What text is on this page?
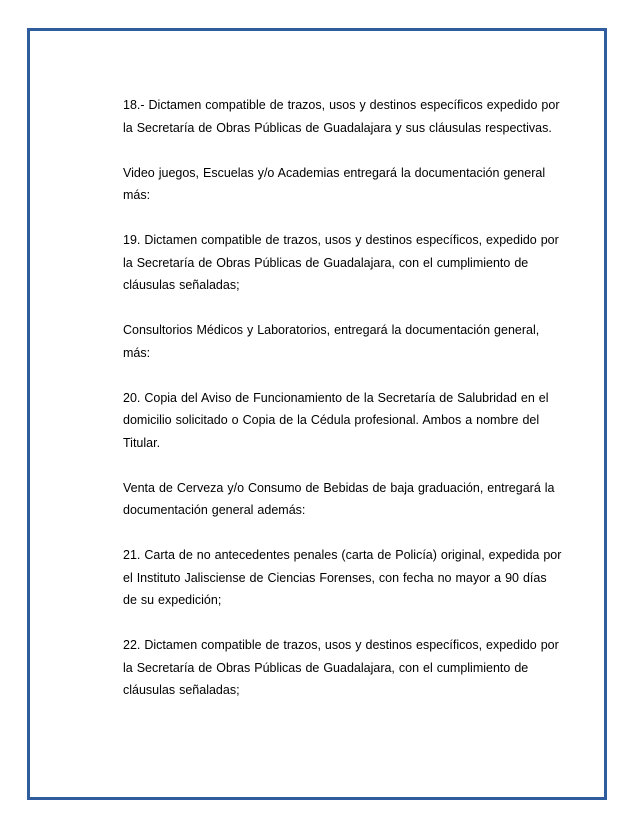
18.- Dictamen compatible de trazos, usos y destinos específicos expedido por la Secretaría de Obras Públicas de Guadalajara y sus cláusulas respectivas.

Video juegos, Escuelas y/o Academias entregará la documentación general más:

19. Dictamen compatible de trazos, usos y destinos específicos, expedido por la Secretaría de Obras Públicas de Guadalajara, con el cumplimiento de cláusulas señaladas;

Consultorios Médicos y Laboratorios, entregará la documentación general, más:

20. Copia del Aviso de Funcionamiento de la Secretaría de Salubridad en el domicilio solicitado o Copia de la Cédula profesional. Ambos a nombre del Titular.

Venta de Cerveza y/o Consumo de Bebidas de baja graduación, entregará la documentación general además:

21. Carta de no antecedentes penales (carta de Policía) original, expedida por el Instituto Jalisciense de Ciencias Forenses, con fecha no mayor a 90 días de su expedición;

22. Dictamen compatible de trazos, usos y destinos específicos, expedido por la Secretaría de Obras Públicas de Guadalajara, con el cumplimiento de cláusulas señaladas;
